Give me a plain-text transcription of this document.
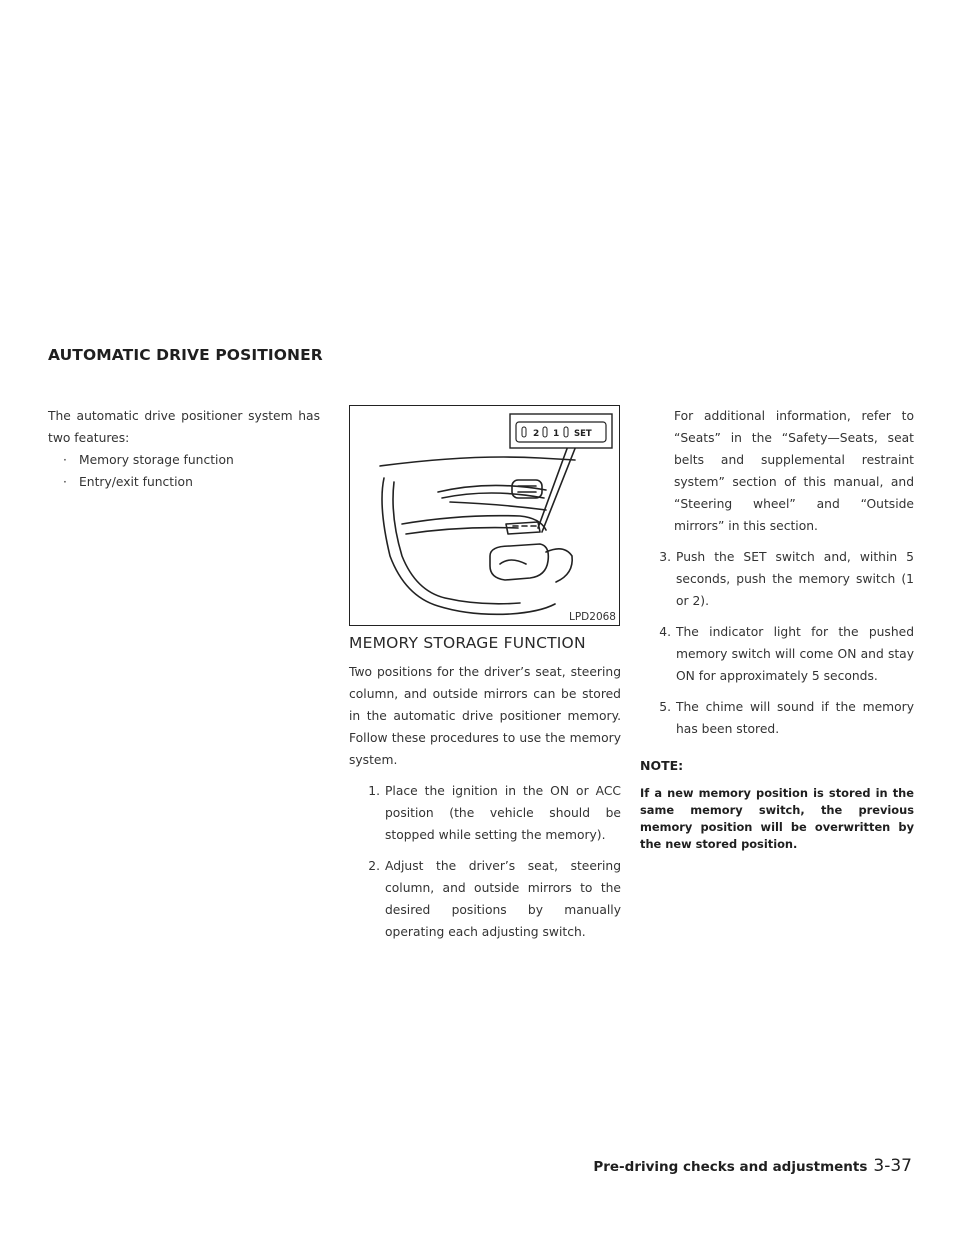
AUTOMATIC DRIVE POSITIONER

The automatic drive positioner system has two features:

· Memory storage function
· Entry/exit function
2 1 SET
LPD2068
MEMORY STORAGE FUNCTION

Two positions for the driver’s seat, steering column, and outside mirrors can be stored in the automatic drive positioner memory. Follow these procedures to use the memory system.

1. Place the ignition in the ON or ACC position (the vehicle should be stopped while setting the memory).
2. Adjust the driver’s seat, steering column, and outside mirrors to the desired positions by manually operating each adjusting switch.

For additional information, refer to “Seats” in the “Safety—Seats, seat belts and supplemental restraint system” section of this manual, and “Steering wheel” and “Outside mirrors” in this section.

3. Push the SET switch and, within 5 seconds, push the memory switch (1 or 2).
4. The indicator light for the pushed memory switch will come ON and stay ON for approximately 5 seconds.
5. The chime will sound if the memory has been stored.
NOTE:

If a new memory position is stored in the same memory switch, the previous memory position will be overwritten by the new stored position.

Pre-driving checks and adjustments 3-37
